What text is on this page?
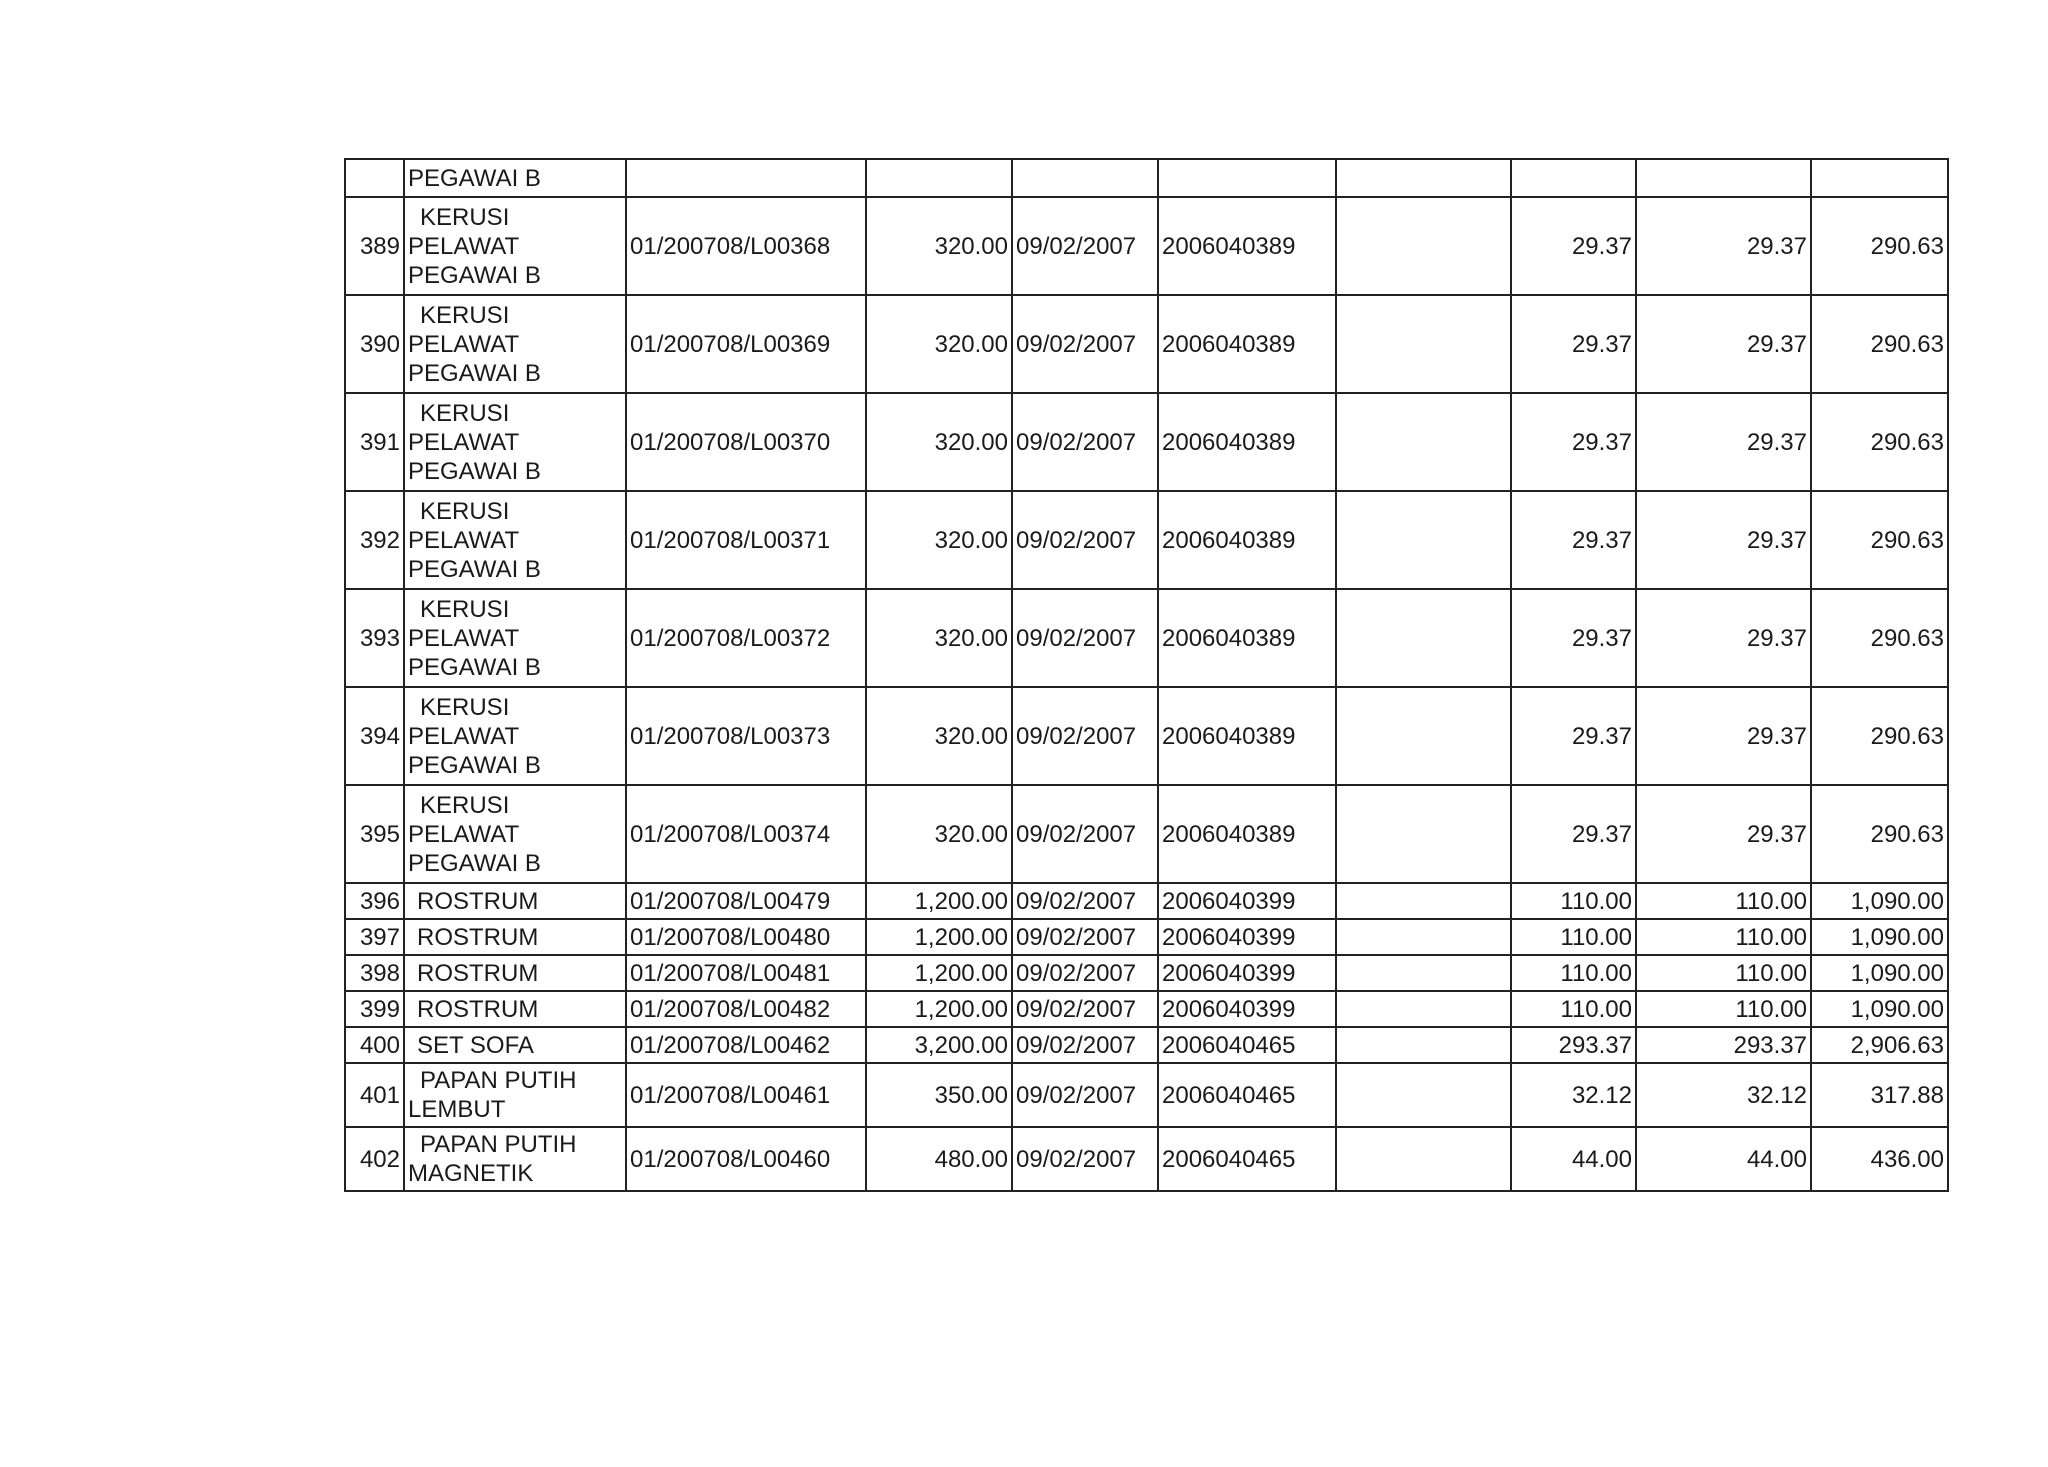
	PEGAWAI B								
389	KERUSI
PELAWAT
PEGAWAI B	01/200708/L00368	320.00	09/02/2007	2006040389		29.37	29.37	290.63
390	KERUSI
PELAWAT
PEGAWAI B	01/200708/L00369	320.00	09/02/2007	2006040389		29.37	29.37	290.63
391	KERUSI
PELAWAT
PEGAWAI B	01/200708/L00370	320.00	09/02/2007	2006040389		29.37	29.37	290.63
392	KERUSI
PELAWAT
PEGAWAI B	01/200708/L00371	320.00	09/02/2007	2006040389		29.37	29.37	290.63
393	KERUSI
PELAWAT
PEGAWAI B	01/200708/L00372	320.00	09/02/2007	2006040389		29.37	29.37	290.63
394	KERUSI
PELAWAT
PEGAWAI B	01/200708/L00373	320.00	09/02/2007	2006040389		29.37	29.37	290.63
395	KERUSI
PELAWAT
PEGAWAI B	01/200708/L00374	320.00	09/02/2007	2006040389		29.37	29.37	290.63
396	ROSTRUM	01/200708/L00479	1,200.00	09/02/2007	2006040399		110.00	110.00	1,090.00
397	ROSTRUM	01/200708/L00480	1,200.00	09/02/2007	2006040399		110.00	110.00	1,090.00
398	ROSTRUM	01/200708/L00481	1,200.00	09/02/2007	2006040399		110.00	110.00	1,090.00
399	ROSTRUM	01/200708/L00482	1,200.00	09/02/2007	2006040399		110.00	110.00	1,090.00
400	SET SOFA	01/200708/L00462	3,200.00	09/02/2007	2006040465		293.37	293.37	2,906.63
401	PAPAN PUTIH
LEMBUT	01/200708/L00461	350.00	09/02/2007	2006040465		32.12	32.12	317.88
402	PAPAN PUTIH
MAGNETIK	01/200708/L00460	480.00	09/02/2007	2006040465		44.00	44.00	436.00
